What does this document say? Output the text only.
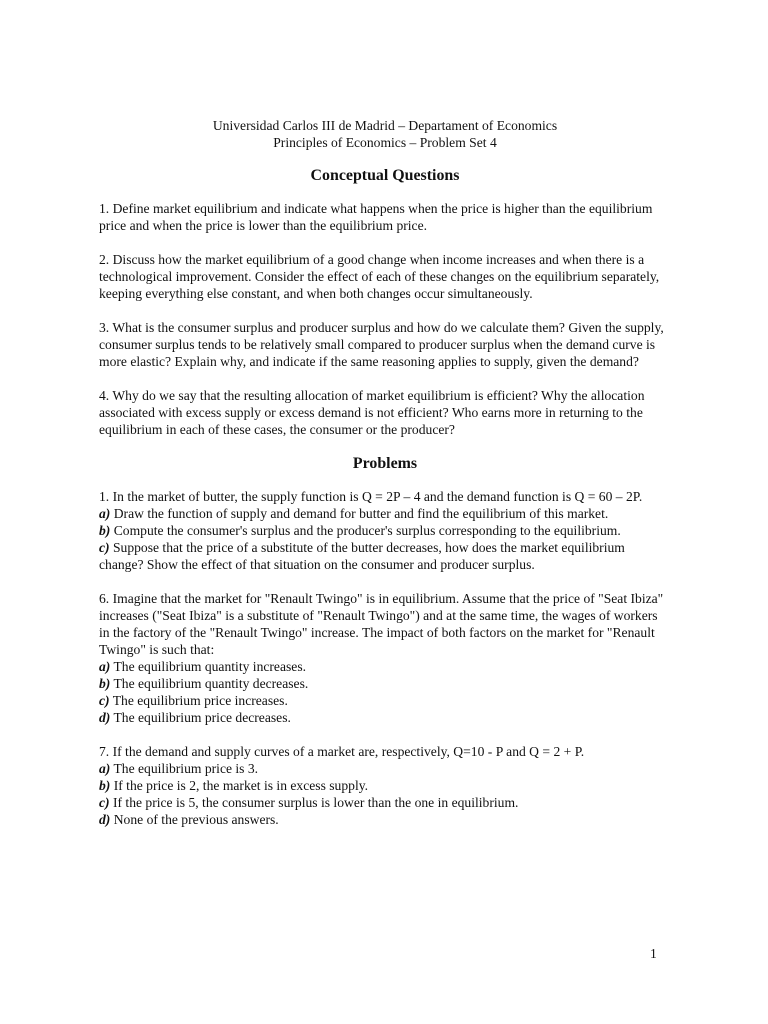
Universidad Carlos III de Madrid – Departament of Economics
Principles of Economics – Problem Set 4
Conceptual Questions

1. Define market equilibrium and indicate what happens when the price is higher than the equilibrium price and when the price is lower than the equilibrium price.

2. Discuss how the market equilibrium of a good change when income increases and when there is a technological improvement. Consider the effect of each of these changes on the equilibrium separately, keeping everything else constant, and when both changes occur simultaneously.

3. What is the consumer surplus and producer surplus and how do we calculate them? Given the supply, consumer surplus tends to be relatively small compared to producer surplus when the demand curve is more elastic? Explain why, and indicate if the same reasoning applies to supply, given the demand?

4. Why do we say that the resulting allocation of market equilibrium is efficient? Why the allocation associated with excess supply or excess demand is not efficient? Who earns more in returning to the equilibrium in each of these cases, the consumer or the producer?

Problems

1. In the market of butter, the supply function is Q = 2P – 4 and the demand function is Q = 60 – 2P.

a) Draw the function of supply and demand for butter and find the equilibrium of this market.

b) Compute the consumer's surplus and the producer's surplus corresponding to the equilibrium.

c) Suppose that the price of a substitute of the butter decreases, how does the market equilibrium change? Show the effect of that situation on the consumer and producer surplus.

6. Imagine that the market for "Renault Twingo" is in equilibrium. Assume that the price of "Seat Ibiza" increases ("Seat Ibiza" is a substitute of "Renault Twingo") and at the same time, the wages of workers in the factory of the "Renault Twingo" increase. The impact of both factors on the market for "Renault Twingo" is such that:

a) The equilibrium quantity increases.

b) The equilibrium quantity decreases.

c) The equilibrium price increases.

d) The equilibrium price decreases.

7. If the demand and supply curves of a market are, respectively, Q=10 - P and Q = 2 + P.

a) The equilibrium price is 3.

b) If the price is 2, the market is in excess supply.

c) If the price is 5, the consumer surplus is lower than the one in equilibrium.

d) None of the previous answers.

1
